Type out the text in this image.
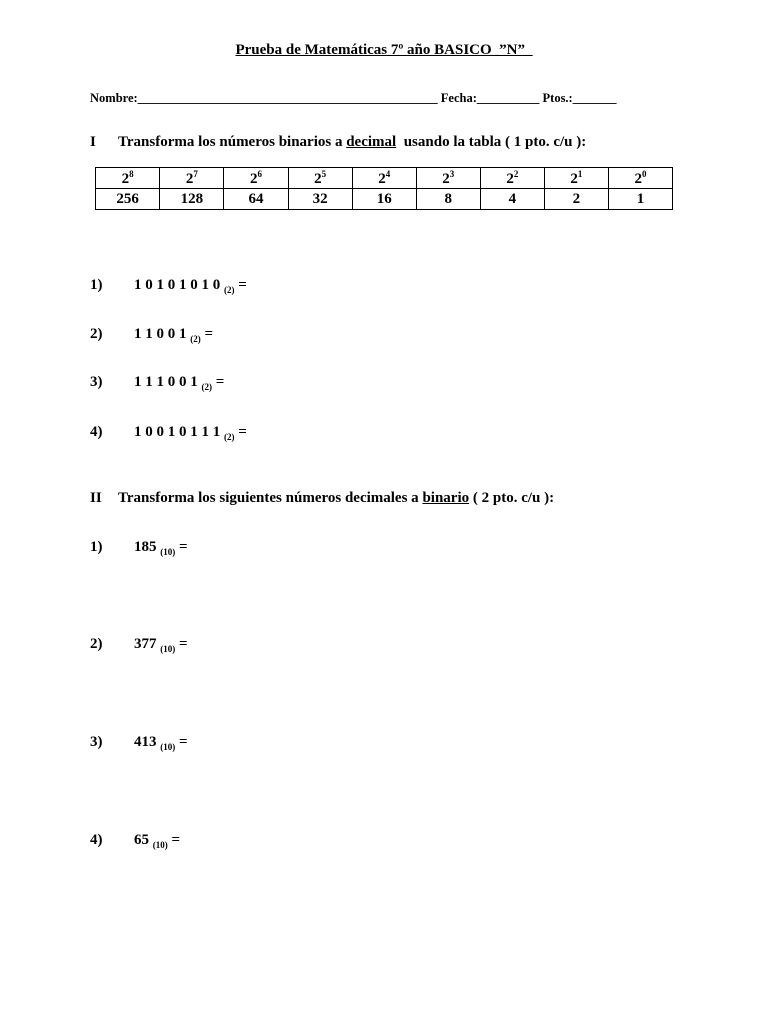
Prueba de Matemáticas 7º año BASICO_”N”_
Nombre:________________________________________________ Fecha:__________ Ptos.:_______
I Transforma los números binarios a decimal  usando la tabla ( 1 pto. c/u ):
$2^8$	$2^7$	$2^6$	$2^5$	$2^4$	$2^3$	$2^2$	$2^1$	$2^0$
256	128	64	32	16	8	4	2	1
1) 1 0 1 0 1 0 1 0 $_{(2)}$ =
2) 1 1 0 0 1 $_{(2)}$ =
3) 1 1 1 0 0 1 $_{(2)}$ =
4) 1 0 0 1 0 1 1 1 $_{(2)}$ =
II Transforma los siguientes números decimales a binario ( 2 pto. c/u ):
1) 185 $_{(10)}$ =
2) 377 $_{(10)}$ =
3) 413 $_{(10)}$ =
4) 65 $_{(10)}$ =
